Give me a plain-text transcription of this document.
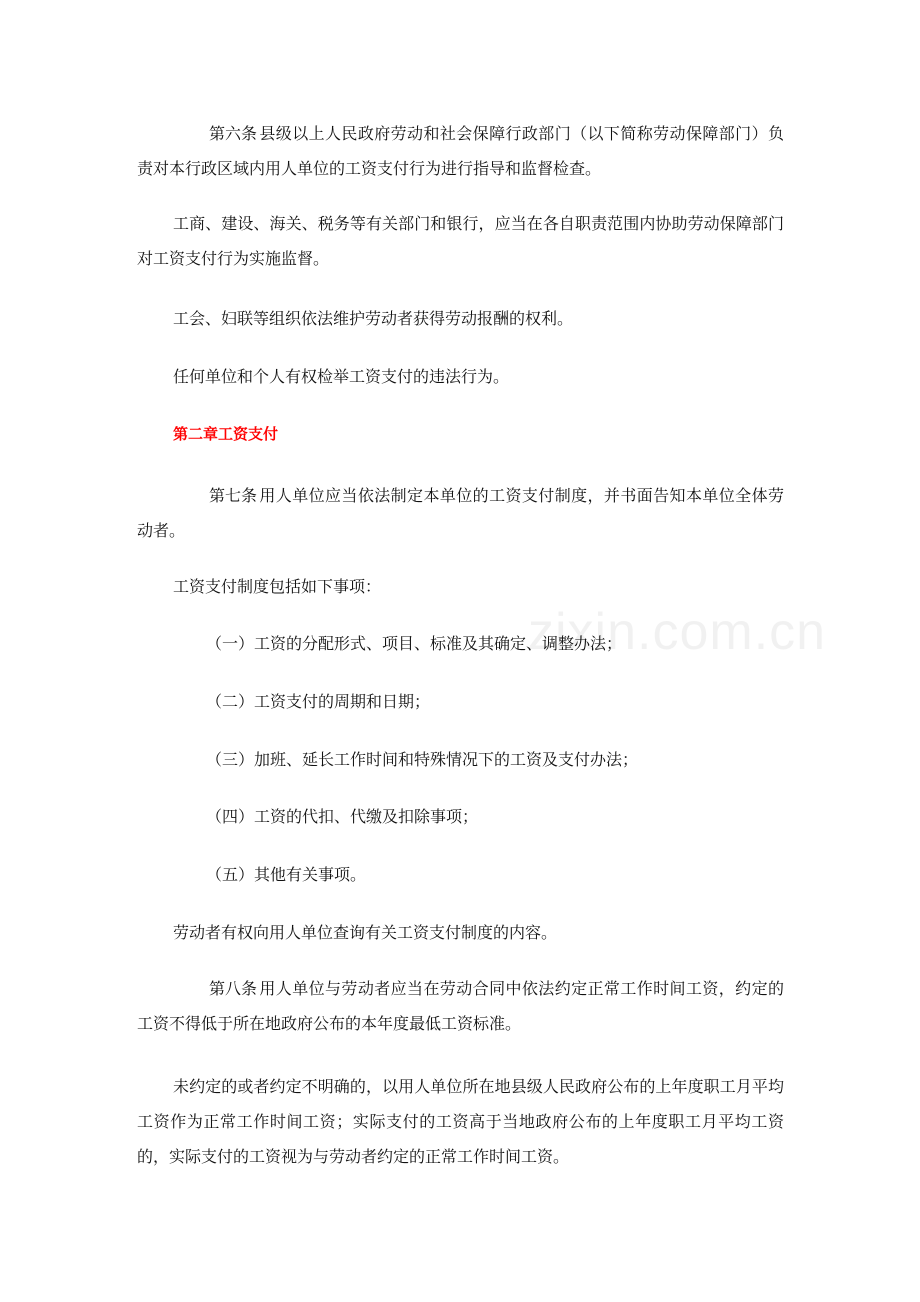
第六条 县级以上人民政府劳动和社会保障行政部门（以下简称劳动保障部门）负责对本行政区域内用人单位的工资支付行为进行指导和监督检查。

工商、建设、海关、税务等有关部门和银行，应当在各自职责范围内协助劳动保障部门对工资支付行为实施监督。

工会、妇联等组织依法维护劳动者获得劳动报酬的权利。

任何单位和个人有权检举工资支付的违法行为。

第二章工资支付

第七条 用人单位应当依法制定本单位的工资支付制度，并书面告知本单位全体劳动者。

工资支付制度包括如下事项：

（一）工资的分配形式、项目、标准及其确定、调整办法；

（二）工资支付的周期和日期；

（三）加班、延长工作时间和特殊情况下的工资及支付办法；

（四）工资的代扣、代缴及扣除事项；

（五）其他有关事项。

劳动者有权向用人单位查询有关工资支付制度的内容。

第八条 用人单位与劳动者应当在劳动合同中依法约定正常工作时间工资，约定的工资不得低于所在地政府公布的本年度最低工资标准。

未约定的或者约定不明确的，以用人单位所在地县级人民政府公布的上年度职工月平均工资作为正常工作时间工资；实际支付的工资高于当地政府公布的上年度职工月平均工资的，实际支付的工资视为与劳动者约定的正常工作时间工资。

zixin.com.cn
